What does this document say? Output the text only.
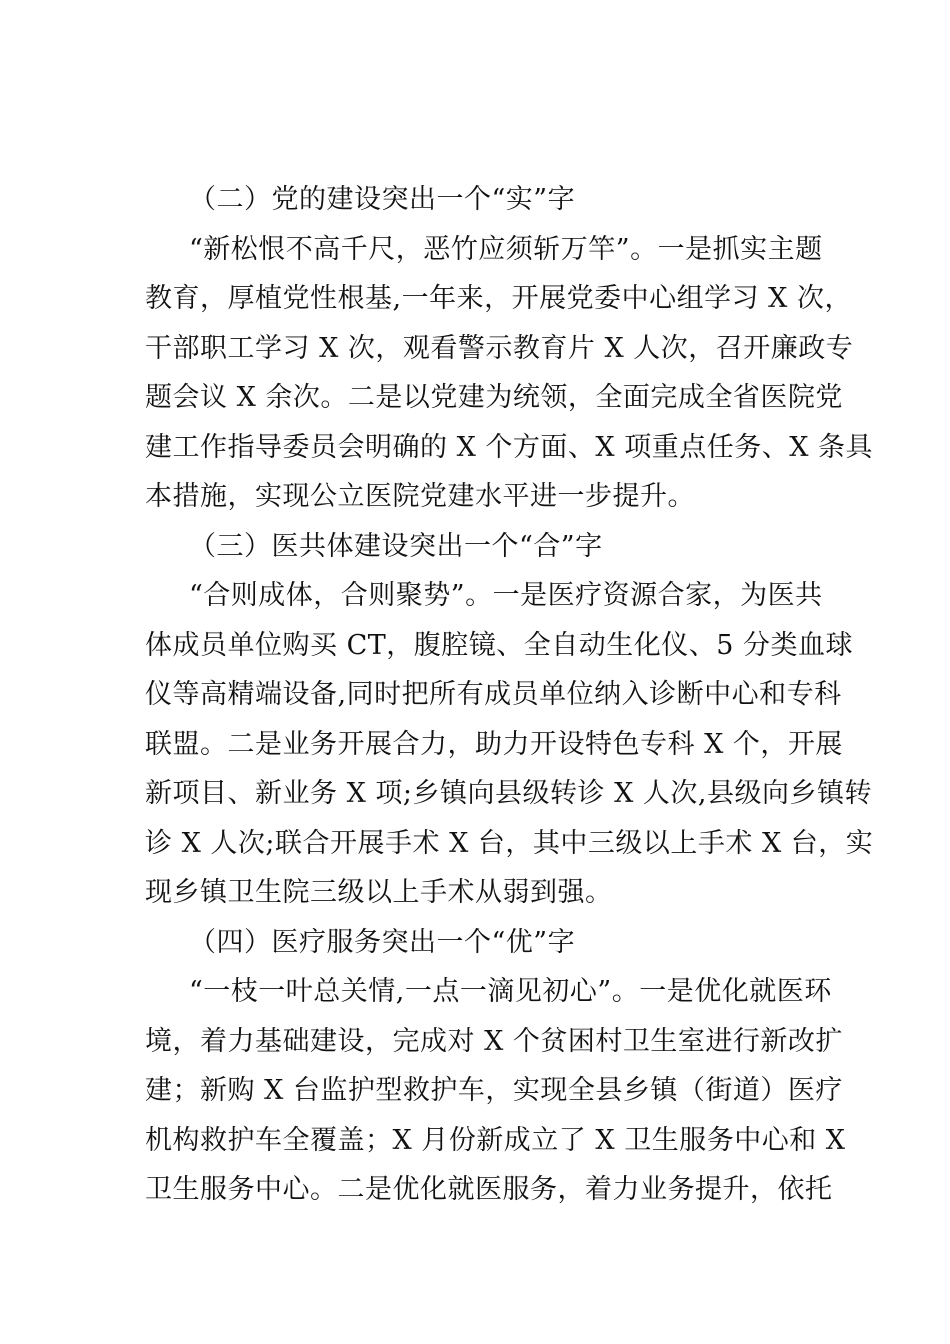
（二）党的建设突出一个“实”字
“新松恨不高千尺，恶竹应须斩万竿”。一是抓实主题
教育，厚植党性根基,一年来，开展党委中心组学习 X 次，
干部职工学习 X 次，观看警示教育片 X 人次，召开廉政专
题会议 X 余次。二是以党建为统领，全面完成全省医院党
建工作指导委员会明确的 X 个方面、X 项重点任务、X 条具
本措施，实现公立医院党建水平进一步提升。
（三）医共体建设突出一个“合”字
“合则成体，合则聚势”。一是医疗资源合家，为医共
体成员单位购买 CT，腹腔镜、全自动生化仪、5 分类血球
仪等高精端设备,同时把所有成员单位纳入诊断中心和专科
联盟。二是业务开展合力，助力开设特色专科 X 个，开展
新项目、新业务 X 项;乡镇向县级转诊 X 人次,县级向乡镇转
诊 X 人次;联合开展手术 X 台，其中三级以上手术 X 台，实
现乡镇卫生院三级以上手术从弱到强。
（四）医疗服务突出一个“优”字
“一枝一叶总关情,一点一滴见初心”。一是优化就医环
境，着力基础建设，完成对 X 个贫困村卫生室进行新改扩
建；新购 X 台监护型救护车，实现全县乡镇（街道）医疗
机构救护车全覆盖；X 月份新成立了 X 卫生服务中心和 X
卫生服务中心。二是优化就医服务，着力业务提升，依托
